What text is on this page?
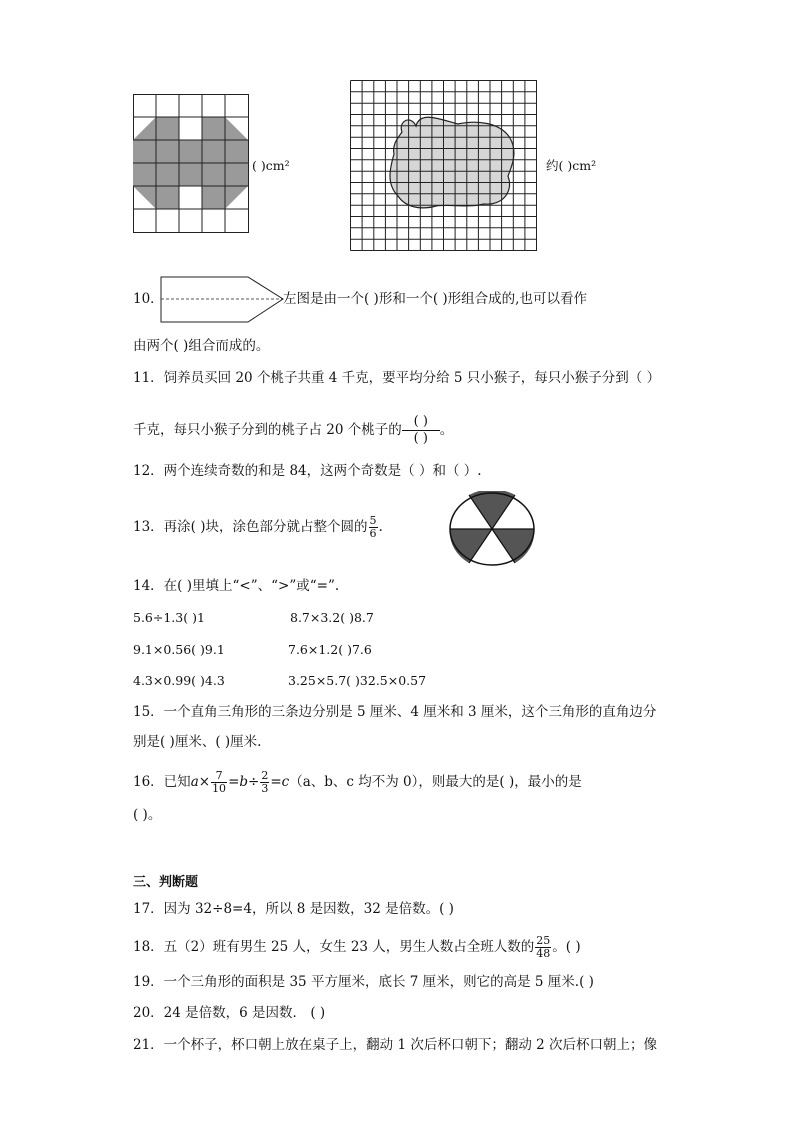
( )cm²	约( )cm²
10．	左图是由一个( )形和一个( )形组合成的,也可以看作
由两个( )组合而成的。
11．饲养员买回 20 个桃子共重 4 千克，要平均分给 5 只小猴子，每只小猴子分到（ ）
千克，每只小猴子分到的桃子占 20 个桃子的
( )
( )
。
12．两个连续奇数的和是 84，这两个奇数是（ ）和（ ）.
13．再涂( )块，涂色部分就占整个圆的 $\frac{5}{6}$ .
14．在( )里填上“<”、“>”或“=”.
5.6÷1.3( )1	8.7×3.2( )8.7
9.1×0.56( )9.1	7.6×1.2( )7.6
4.3×0.99( )4.3	3.25×5.7( )32.5×0.57
15．一个直角三角形的三条边分别是 5 厘米、4 厘米和 3 厘米，这个三角形的直角边分
别是( )厘米、( )厘米.
16．已知$a\times \frac{7}{10} =b\div \frac{2}{3} =c(a$、b、c 均不为 0），则最大的是( )，最小的是
( )。
三、判断题
17．因为 32÷8=4，所以 8 是因数，32 是倍数。( )
18．五（2）班有男生 25 人，女生 23 人，男生人数占全班人数的 $\frac{25}{48}$ 。( )
19．一个三角形的面积是 35 平方厘米，底长 7 厘米，则它的高是 5 厘米.( )
20．24 是倍数，6 是因数． ( )
21．一个杯子，杯口朝上放在桌子上，翻动 1 次后杯口朝下；翻动 2 次后杯口朝上；像
